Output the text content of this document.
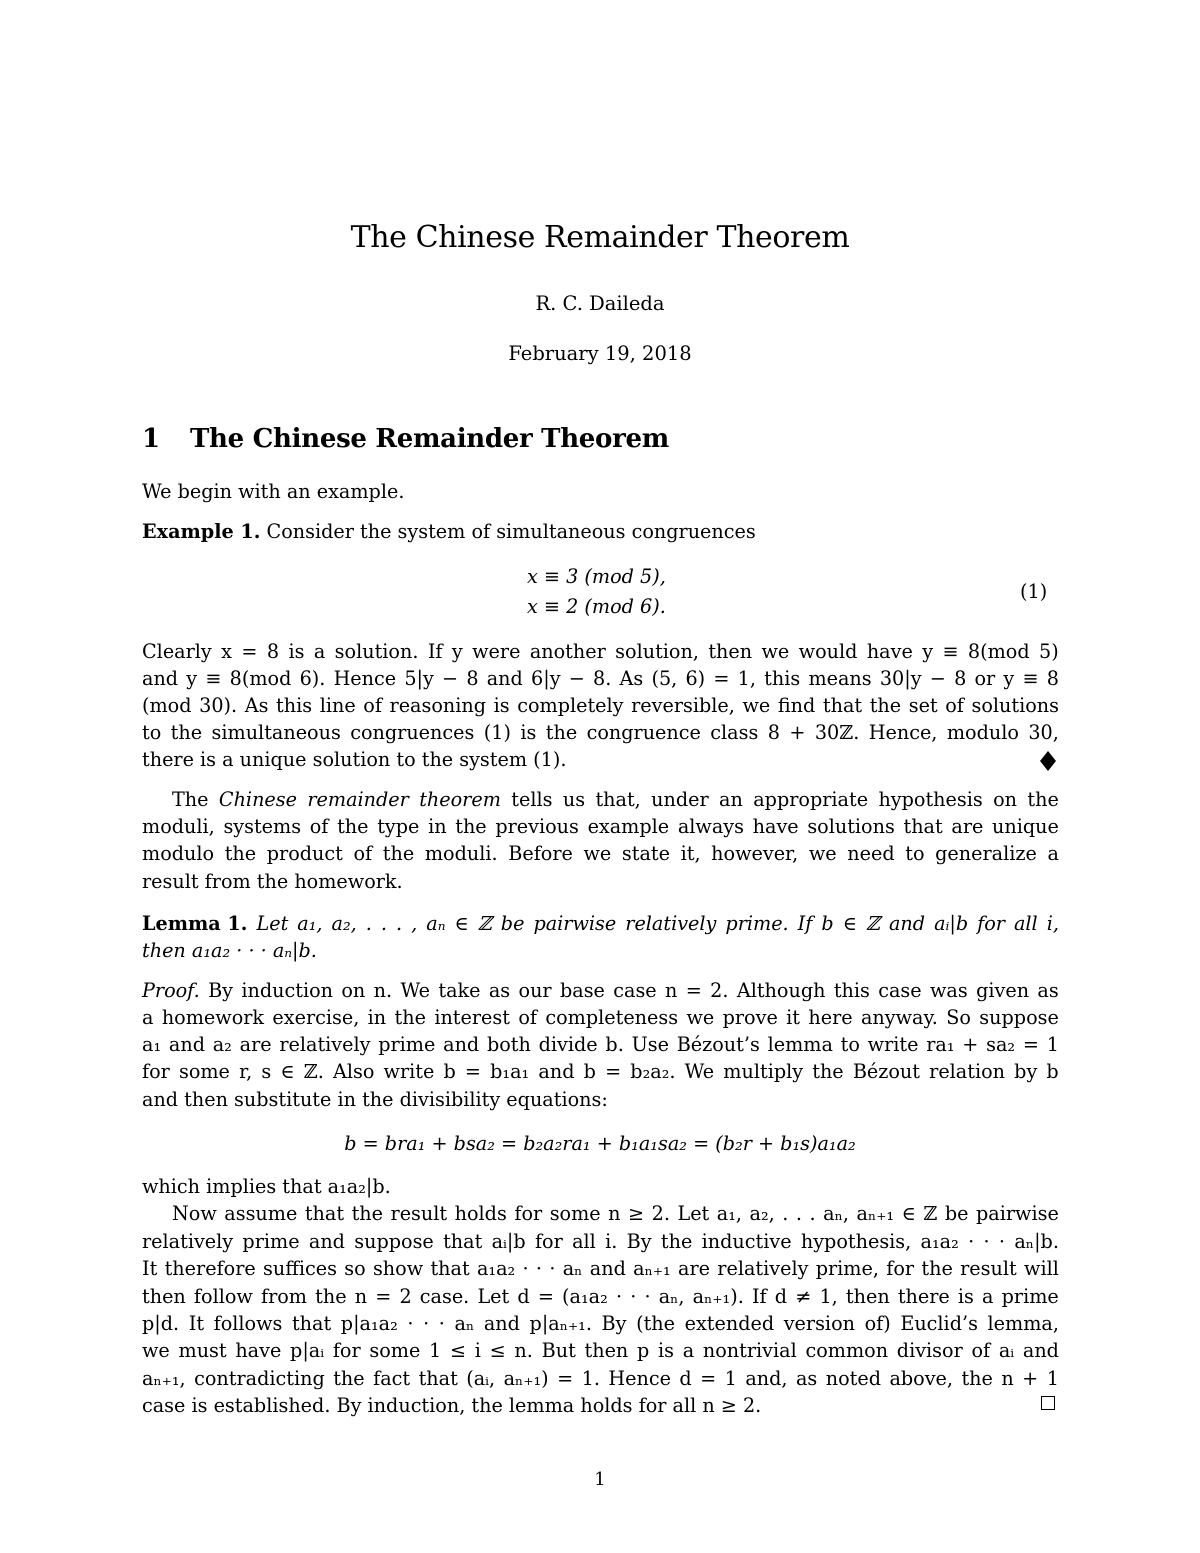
The Chinese Remainder Theorem
R. C. Daileda
February 19, 2018
1 The Chinese Remainder Theorem
We begin with an example.
Example 1. Consider the system of simultaneous congruences
x ≡ 3 (mod 5),
x ≡ 2 (mod 6).
(1)
Clearly x = 8 is a solution. If y were another solution, then we would have y ≡ 8(mod 5)
and y ≡ 8(mod 6). Hence 5|y − 8 and 6|y − 8. As (5, 6) = 1, this means 30|y − 8 or y ≡ 8
(mod 30). As this line of reasoning is completely reversible, we find that the set of solutions
to the simultaneous congruences (1) is the congruence class 8 + 30ℤ. Hence, modulo 30,
there is a unique solution to the system (1).
The Chinese remainder theorem tells us that, under an appropriate hypothesis on the
moduli, systems of the type in the previous example always have solutions that are unique
modulo the product of the moduli. Before we state it, however, we need to generalize a
result from the homework.
Lemma 1. Let a₁, a₂, . . . , aₙ ∈ ℤ be pairwise relatively prime. If b ∈ ℤ and aᵢ|b for all i,
then a₁a₂ · · · aₙ|b.
Proof. By induction on n. We take as our base case n = 2. Although this case was given as
a homework exercise, in the interest of completeness we prove it here anyway. So suppose
a₁ and a₂ are relatively prime and both divide b. Use Bézout’s lemma to write ra₁ + sa₂ = 1
for some r, s ∈ ℤ. Also write b = b₁a₁ and b = b₂a₂. We multiply the Bézout relation by b
and then substitute in the divisibility equations:
b = bra₁ + bsa₂ = b₂a₂ra₁ + b₁a₁sa₂ = (b₂r + b₁s)a₁a₂
which implies that a₁a₂|b.
Now assume that the result holds for some n ≥ 2. Let a₁, a₂, . . . aₙ, aₙ₊₁ ∈ ℤ be pairwise
relatively prime and suppose that aᵢ|b for all i. By the inductive hypothesis, a₁a₂ · · · aₙ|b.
It therefore suffices so show that a₁a₂ · · · aₙ and aₙ₊₁ are relatively prime, for the result will
then follow from the n = 2 case. Let d = (a₁a₂ · · · aₙ, aₙ₊₁). If d ≠ 1, then there is a prime
p|d. It follows that p|a₁a₂ · · · aₙ and p|aₙ₊₁. By (the extended version of) Euclid’s lemma,
we must have p|aᵢ for some 1 ≤ i ≤ n. But then p is a nontrivial common divisor of aᵢ and
aₙ₊₁, contradicting the fact that (aᵢ, aₙ₊₁) = 1. Hence d = 1 and, as noted above, the n + 1
case is established. By induction, the lemma holds for all n ≥ 2.
1
